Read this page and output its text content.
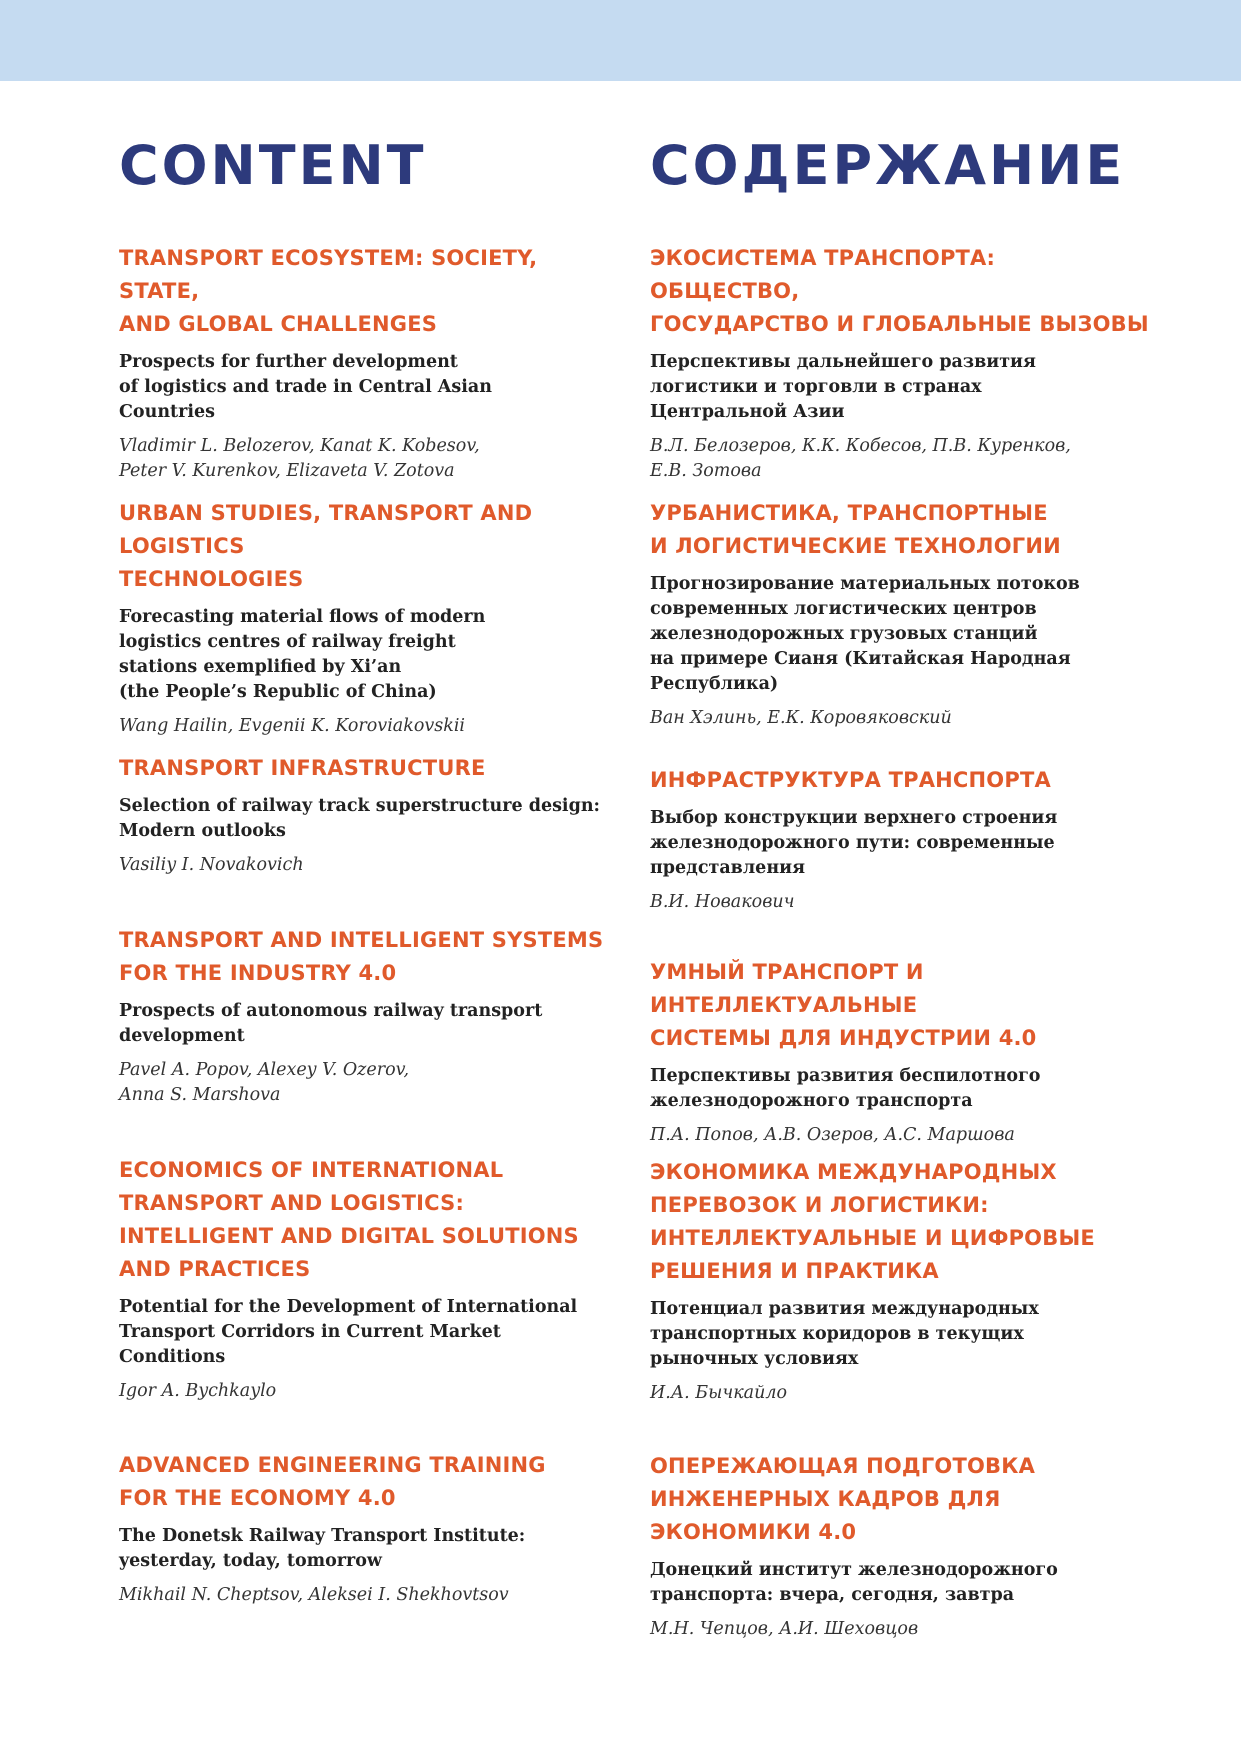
CONTENT
TRANSPORT ECOSYSTEM: SOCIETY, STATE,
AND GLOBAL CHALLENGES
Prospects for further development
of logistics and trade in Central Asian
Countries
Vladimir L. Belozerov, Kanat K. Kobesov,
Peter V. Kurenkov, Elizaveta V. Zotova
URBAN STUDIES, TRANSPORT AND LOGISTICS
TECHNOLOGIES
Forecasting material flows of modern
logistics centres of railway freight
stations exemplified by Xi’an
(the People’s Republic of China)
Wang Hailin, Evgenii K. Koroviakovskii
TRANSPORT INFRASTRUCTURE
Selection of railway track superstructure design:
Modern outlooks
Vasiliy I. Novakovich
TRANSPORT AND INTELLIGENT SYSTEMS
FOR THE INDUSTRY 4.0
Prospects of autonomous railway transport
development
Pavel A. Popov, Alexey V. Ozerov,
Anna S. Marshova
ECONOMICS OF INTERNATIONAL
TRANSPORT AND LOGISTICS:
INTELLIGENT AND DIGITAL SOLUTIONS
AND PRACTICES
Potential for the Development of International
Transport Corridors in Current Market
Conditions
Igor A. Bychkaylo
ADVANCED ENGINEERING TRAINING
FOR THE ECONOMY 4.0
The Donetsk Railway Transport Institute:
yesterday, today, tomorrow
Mikhail N. Cheptsov, Aleksei I. Shekhovtsov
СОДЕРЖАНИЕ
ЭКОСИСТЕМА ТРАНСПОРТА: ОБЩЕСТВО,
ГОСУДАРСТВО И ГЛОБАЛЬНЫЕ ВЫЗОВЫ
Перспективы дальнейшего развития
логистики и торговли в странах
Центральной Азии
В.Л. Белозеров, К.К. Кобесов, П.В. Куренков,
Е.В. Зотова
УРБАНИСТИКА, ТРАНСПОРТНЫЕ
И ЛОГИСТИЧЕСКИЕ ТЕХНОЛОГИИ
Прогнозирование материальных потоков
современных логистических центров
железнодорожных грузовых станций
на примере Сианя (Китайская Народная
Республика)
Ван Хэлинь, Е.К. Коровяковский
ИНФРАСТРУКТУРА ТРАНСПОРТА
Выбор конструкции верхнего строения
железнодорожного пути: современные
представления
В.И. Новакович
УМНЫЙ ТРАНСПОРТ И ИНТЕЛЛЕКТУАЛЬНЫЕ
СИСТЕМЫ ДЛЯ ИНДУСТРИИ 4.0
Перспективы развития беспилотного
железнодорожного транспорта
П.А. Попов, А.В. Озеров, А.С. Маршова
ЭКОНОМИКА МЕЖДУНАРОДНЫХ
ПЕРЕВОЗОК И ЛОГИСТИКИ:
ИНТЕЛЛЕКТУАЛЬНЫЕ И ЦИФРОВЫЕ
РЕШЕНИЯ И ПРАКТИКА
Потенциал развития международных
транспортных коридоров в текущих
рыночных условиях
И.А. Бычкайло
ОПЕРЕЖАЮЩАЯ ПОДГОТОВКА
ИНЖЕНЕРНЫХ КАДРОВ ДЛЯ ЭКОНОМИКИ 4.0
Донецкий институт железнодорожного
транспорта: вчера, сегодня, завтра
М.Н. Чепцов, А.И. Шеховцов
